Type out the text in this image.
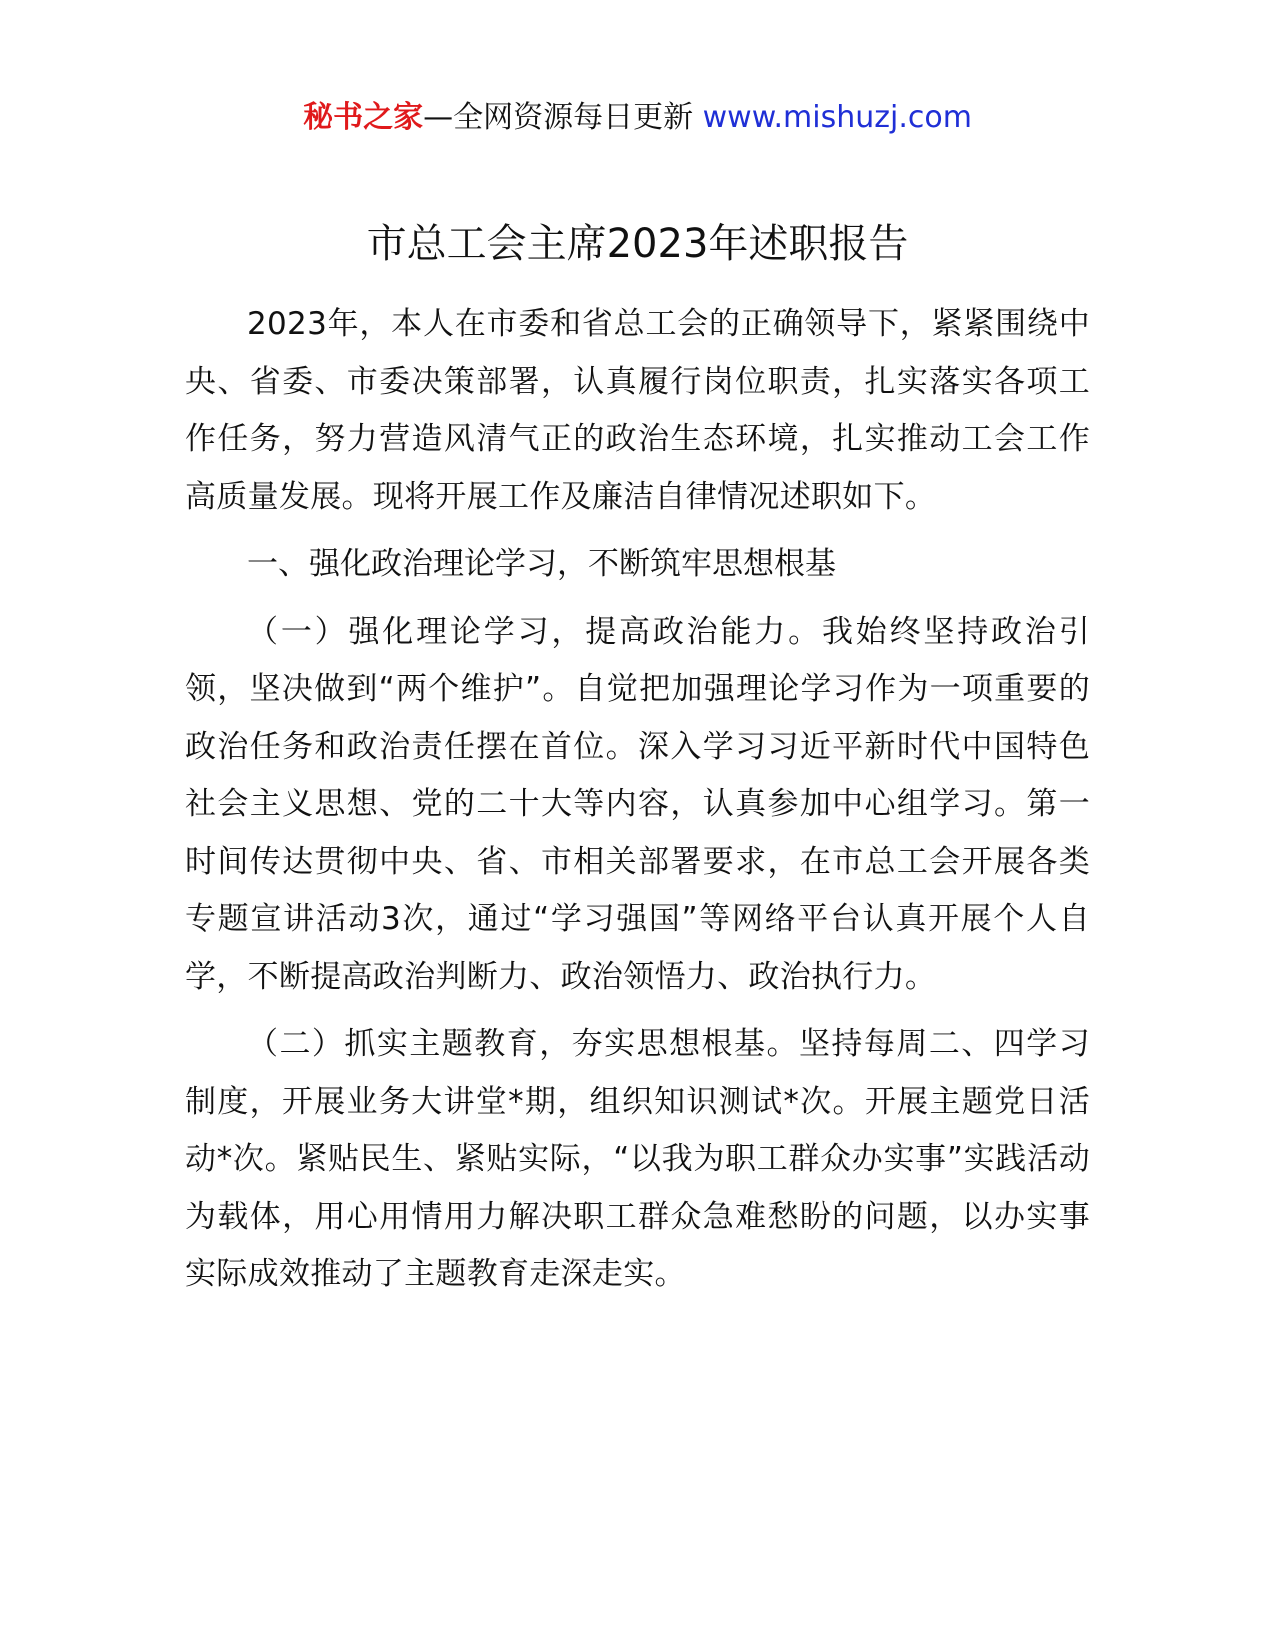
秘书之家—全网资源每日更新 www.mishuzj.com
市总工会主席2023年述职报告

2023年，本人在市委和省总工会的正确领导下，紧紧围绕中央、省委、市委决策部署，认真履行岗位职责，扎实落实各项工作任务，努力营造风清气正的政治生态环境，扎实推动工会工作高质量发展。现将开展工作及廉洁自律情况述职如下。

一、强化政治理论学习，不断筑牢思想根基

（一）强化理论学习，提高政治能力。我始终坚持政治引领，坚决做到“两个维护”。自觉把加强理论学习作为一项重要的政治任务和政治责任摆在首位。深入学习习近平新时代中国特色社会主义思想、党的二十大等内容，认真参加中心组学习。第一时间传达贯彻中央、省、市相关部署要求，在市总工会开展各类专题宣讲活动3次，通过“学习强国”等网络平台认真开展个人自学，不断提高政治判断力、政治领悟力、政治执行力。

（二）抓实主题教育，夯实思想根基。坚持每周二、四学习制度，开展业务大讲堂*期，组织知识测试*次。开展主题党日活动*次。紧贴民生、紧贴实际，“以我为职工群众办实事”实践活动为载体，用心用情用力解决职工群众急难愁盼的问题，以办实事实际成效推动了主题教育走深走实。
